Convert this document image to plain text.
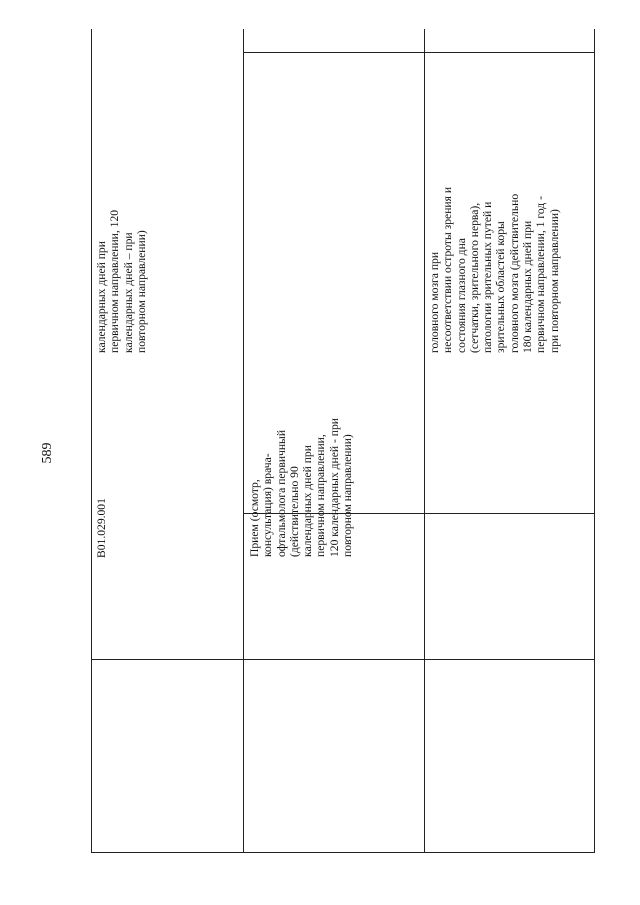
589
календарных дней при
первичном направлении, 120
календарных дней – при
повторном направлении)
головного мозга при
несоответствии остроты зрения и
состояния глазного дна
(сетчатки, зрительного нерва),
патологии зрительных путей и
зрительных областей коры
головного мозга (действительно
180 календарных дней при
первичном направлении, 1 год -
при повторном направлении)
B01.029.001	Прием (осмотр,
консультация) врача-
офтальмолога первичный
(действительно 90
календарных дней при
первичном направлении,
120 календарных дней - при
повторном направлении)
